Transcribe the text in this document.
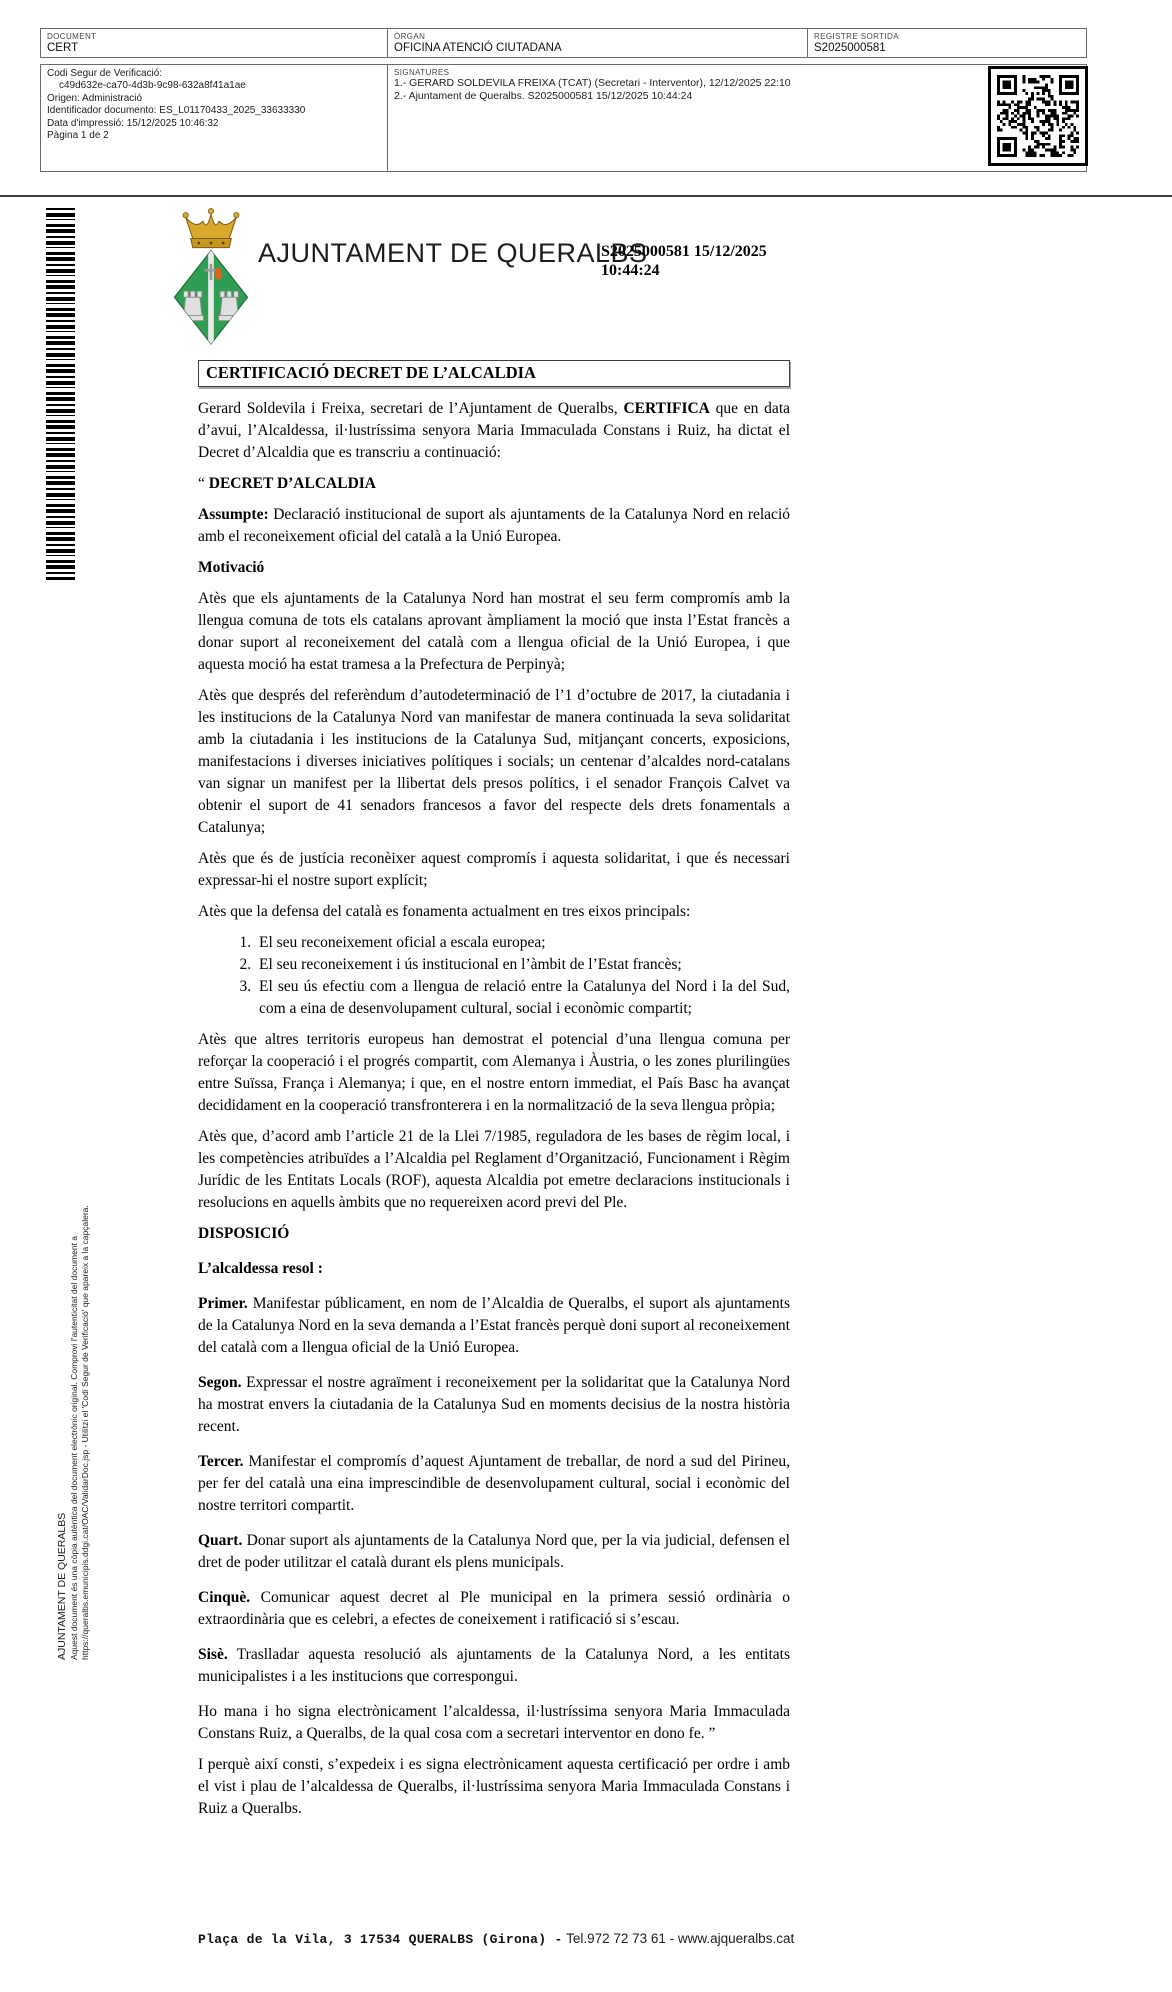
DOCUMENT
CERT
ÒRGAN
OFICINA ATENCIÓ CIUTADANA
REGISTRE SORTIDA
S2025000581
Codi Segur de Verificació:
c49d632e-ca70-4d3b-9c98-632a8f41a1ae
Origen: Administració
Identificador documento: ES_L01170433_2025_33633330
Data d'impressió: 15/12/2025 10:46:32
Pàgina 1 de 2
SIGNATURES
1.- GERARD SOLDEVILA FREIXA (TCAT) (Secretari - Interventor), 12/12/2025 22:10
2.- Ajuntament de Queralbs. S2025000581 15/12/2025 10:44:24
AJUNTAMENT DE QUERALBS
S2025000581 15/12/2025
10:44:24
CERTIFICACIÓ DECRET DE L’ALCALDIA

Gerard Soldevila i Freixa, secretari de l’Ajuntament de Queralbs, CERTIFICA que en data d’avui, l’Alcaldessa, il·lustríssima senyora Maria Immaculada Constans i Ruiz, ha dictat el Decret d’Alcaldia que es transcriu a continuació:

“ DECRET D’ALCALDIA

Assumpte: Declaració institucional de suport als ajuntaments de la Catalunya Nord en relació amb el reconeixement oficial del català a la Unió Europea.

Motivació

Atès que els ajuntaments de la Catalunya Nord han mostrat el seu ferm compromís amb la llengua comuna de tots els catalans aprovant àmpliament la moció que insta l’Estat francès a donar suport al reconeixement del català com a llengua oficial de la Unió Europea, i que aquesta moció ha estat tramesa a la Prefectura de Perpinyà;

Atès que després del referèndum d’autodeterminació de l’1 d’octubre de 2017, la ciutadania i les institucions de la Catalunya Nord van manifestar de manera continuada la seva solidaritat amb la ciutadania i les institucions de la Catalunya Sud, mitjançant concerts, exposicions, manifestacions i diverses iniciatives polítiques i socials; un centenar d’alcaldes nord-catalans van signar un manifest per la llibertat dels presos polítics, i el senador François Calvet va obtenir el suport de 41 senadors francesos a favor del respecte dels drets fonamentals a Catalunya;

Atès que és de justícia reconèixer aquest compromís i aquesta solidaritat, i que és necessari expressar-hi el nostre suport explícit;

Atès que la defensa del català es fonamenta actualment en tres eixos principals:

1. El seu reconeixement oficial a escala europea;
2. El seu reconeixement i ús institucional en l’àmbit de l’Estat francès;
3. El seu ús efectiu com a llengua de relació entre la Catalunya del Nord i la del Sud, com a eina de desenvolupament cultural, social i econòmic compartit;

Atès que altres territoris europeus han demostrat el potencial d’una llengua comuna per reforçar la cooperació i el progrés compartit, com Alemanya i Àustria, o les zones plurilingües entre Suïssa, França i Alemanya; i que, en el nostre entorn immediat, el País Basc ha avançat decididament en la cooperació transfronterera i en la normalització de la seva llengua pròpia;

Atès que, d’acord amb l’article 21 de la Llei 7/1985, reguladora de les bases de règim local, i les competències atribuïdes a l’Alcaldia pel Reglament d’Organització, Funcionament i Règim Jurídic de les Entitats Locals (ROF), aquesta Alcaldia pot emetre declaracions institucionals i resolucions en aquells àmbits que no requereixen acord previ del Ple.

DISPOSICIÓ

L’alcaldessa resol :

Primer. Manifestar públicament, en nom de l’Alcaldia de Queralbs, el suport als ajuntaments de la Catalunya Nord en la seva demanda a l’Estat francès perquè doni suport al reconeixement del català com a llengua oficial de la Unió Europea.

Segon. Expressar el nostre agraïment i reconeixement per la solidaritat que la Catalunya Nord ha mostrat envers la ciutadania de la Catalunya Sud en moments decisius de la nostra història recent.

Tercer. Manifestar el compromís d’aquest Ajuntament de treballar, de nord a sud del Pirineu, per fer del català una eina imprescindible de desenvolupament cultural, social i econòmic del nostre territori compartit.

Quart. Donar suport als ajuntaments de la Catalunya Nord que, per la via judicial, defensen el dret de poder utilitzar el català durant els plens municipals.

Cinquè. Comunicar aquest decret al Ple municipal en la primera sessió ordinària o extraordinària que es celebri, a efectes de coneixement i ratificació si s’escau.

Sisè. Traslladar aquesta resolució als ajuntaments de la Catalunya Nord, a les entitats municipalistes i a les institucions que correspongui.

Ho mana i ho signa electrònicament l’alcaldessa, il·lustríssima senyora Maria Immaculada Constans Ruiz, a Queralbs, de la qual cosa com a secretari interventor en dono fe. ”

I perquè així consti, s’expedeix i es signa electrònicament aquesta certificació per ordre i amb el vist i plau de l’alcaldessa de Queralbs, il·lustríssima senyora Maria Immaculada Constans i Ruiz a Queralbs.

AJUNTAMENT DE QUERALBS Aquest document és una còpia autèntica del document electrònic original. Comprovi l'autenticitat del document a https://queralbs.emunicipis.ddgi.cat/OAC/ValidarDoc.jsp - Utilitzi el 'Codi Segur de Verificació' que apareix a la capçalera.
Plaça de la Vila, 3 17534 QUERALBS (Girona) - Tel.972 72 73 61 - www.ajqueralbs.cat
